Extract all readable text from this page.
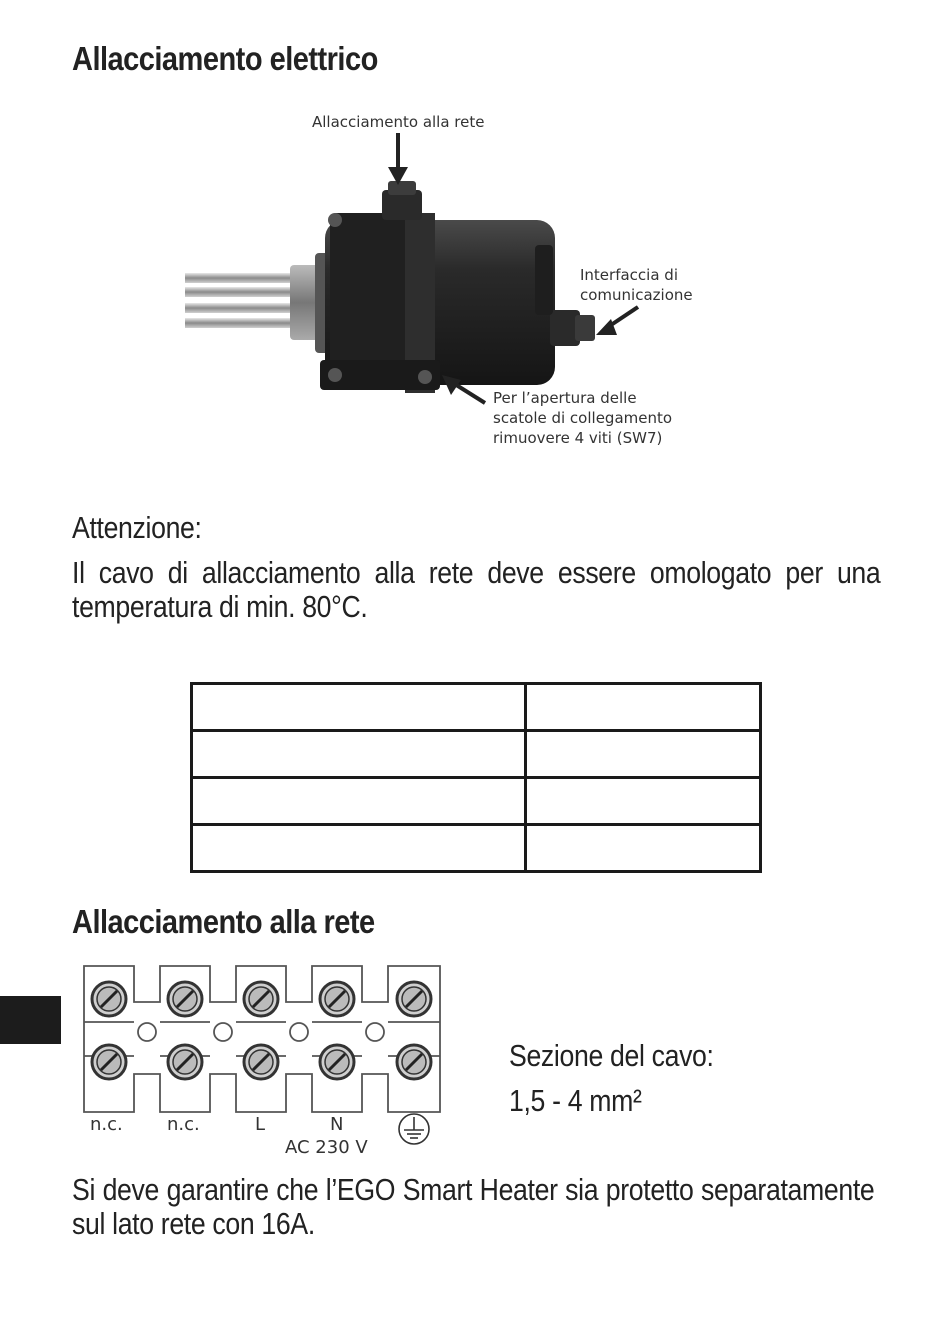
Allacciamento elettrico
Allacciamento alla rete
Interfaccia di
comunicazione
Per l’apertura delle
scatole di collegamento
rimuovere 4 viti (SW7)
Attenzione:
Il cavo di allacciamento alla rete deve essere omologato per una temperatura di min. 80°C.

Allacciamento alla rete
n.c. n.c.	L	N
AC 230 V
Sezione del cavo:
1,5 - 4 mm²
Si deve garantire che l’EGO Smart Heater sia protetto separatamente sul lato rete con 16A.
